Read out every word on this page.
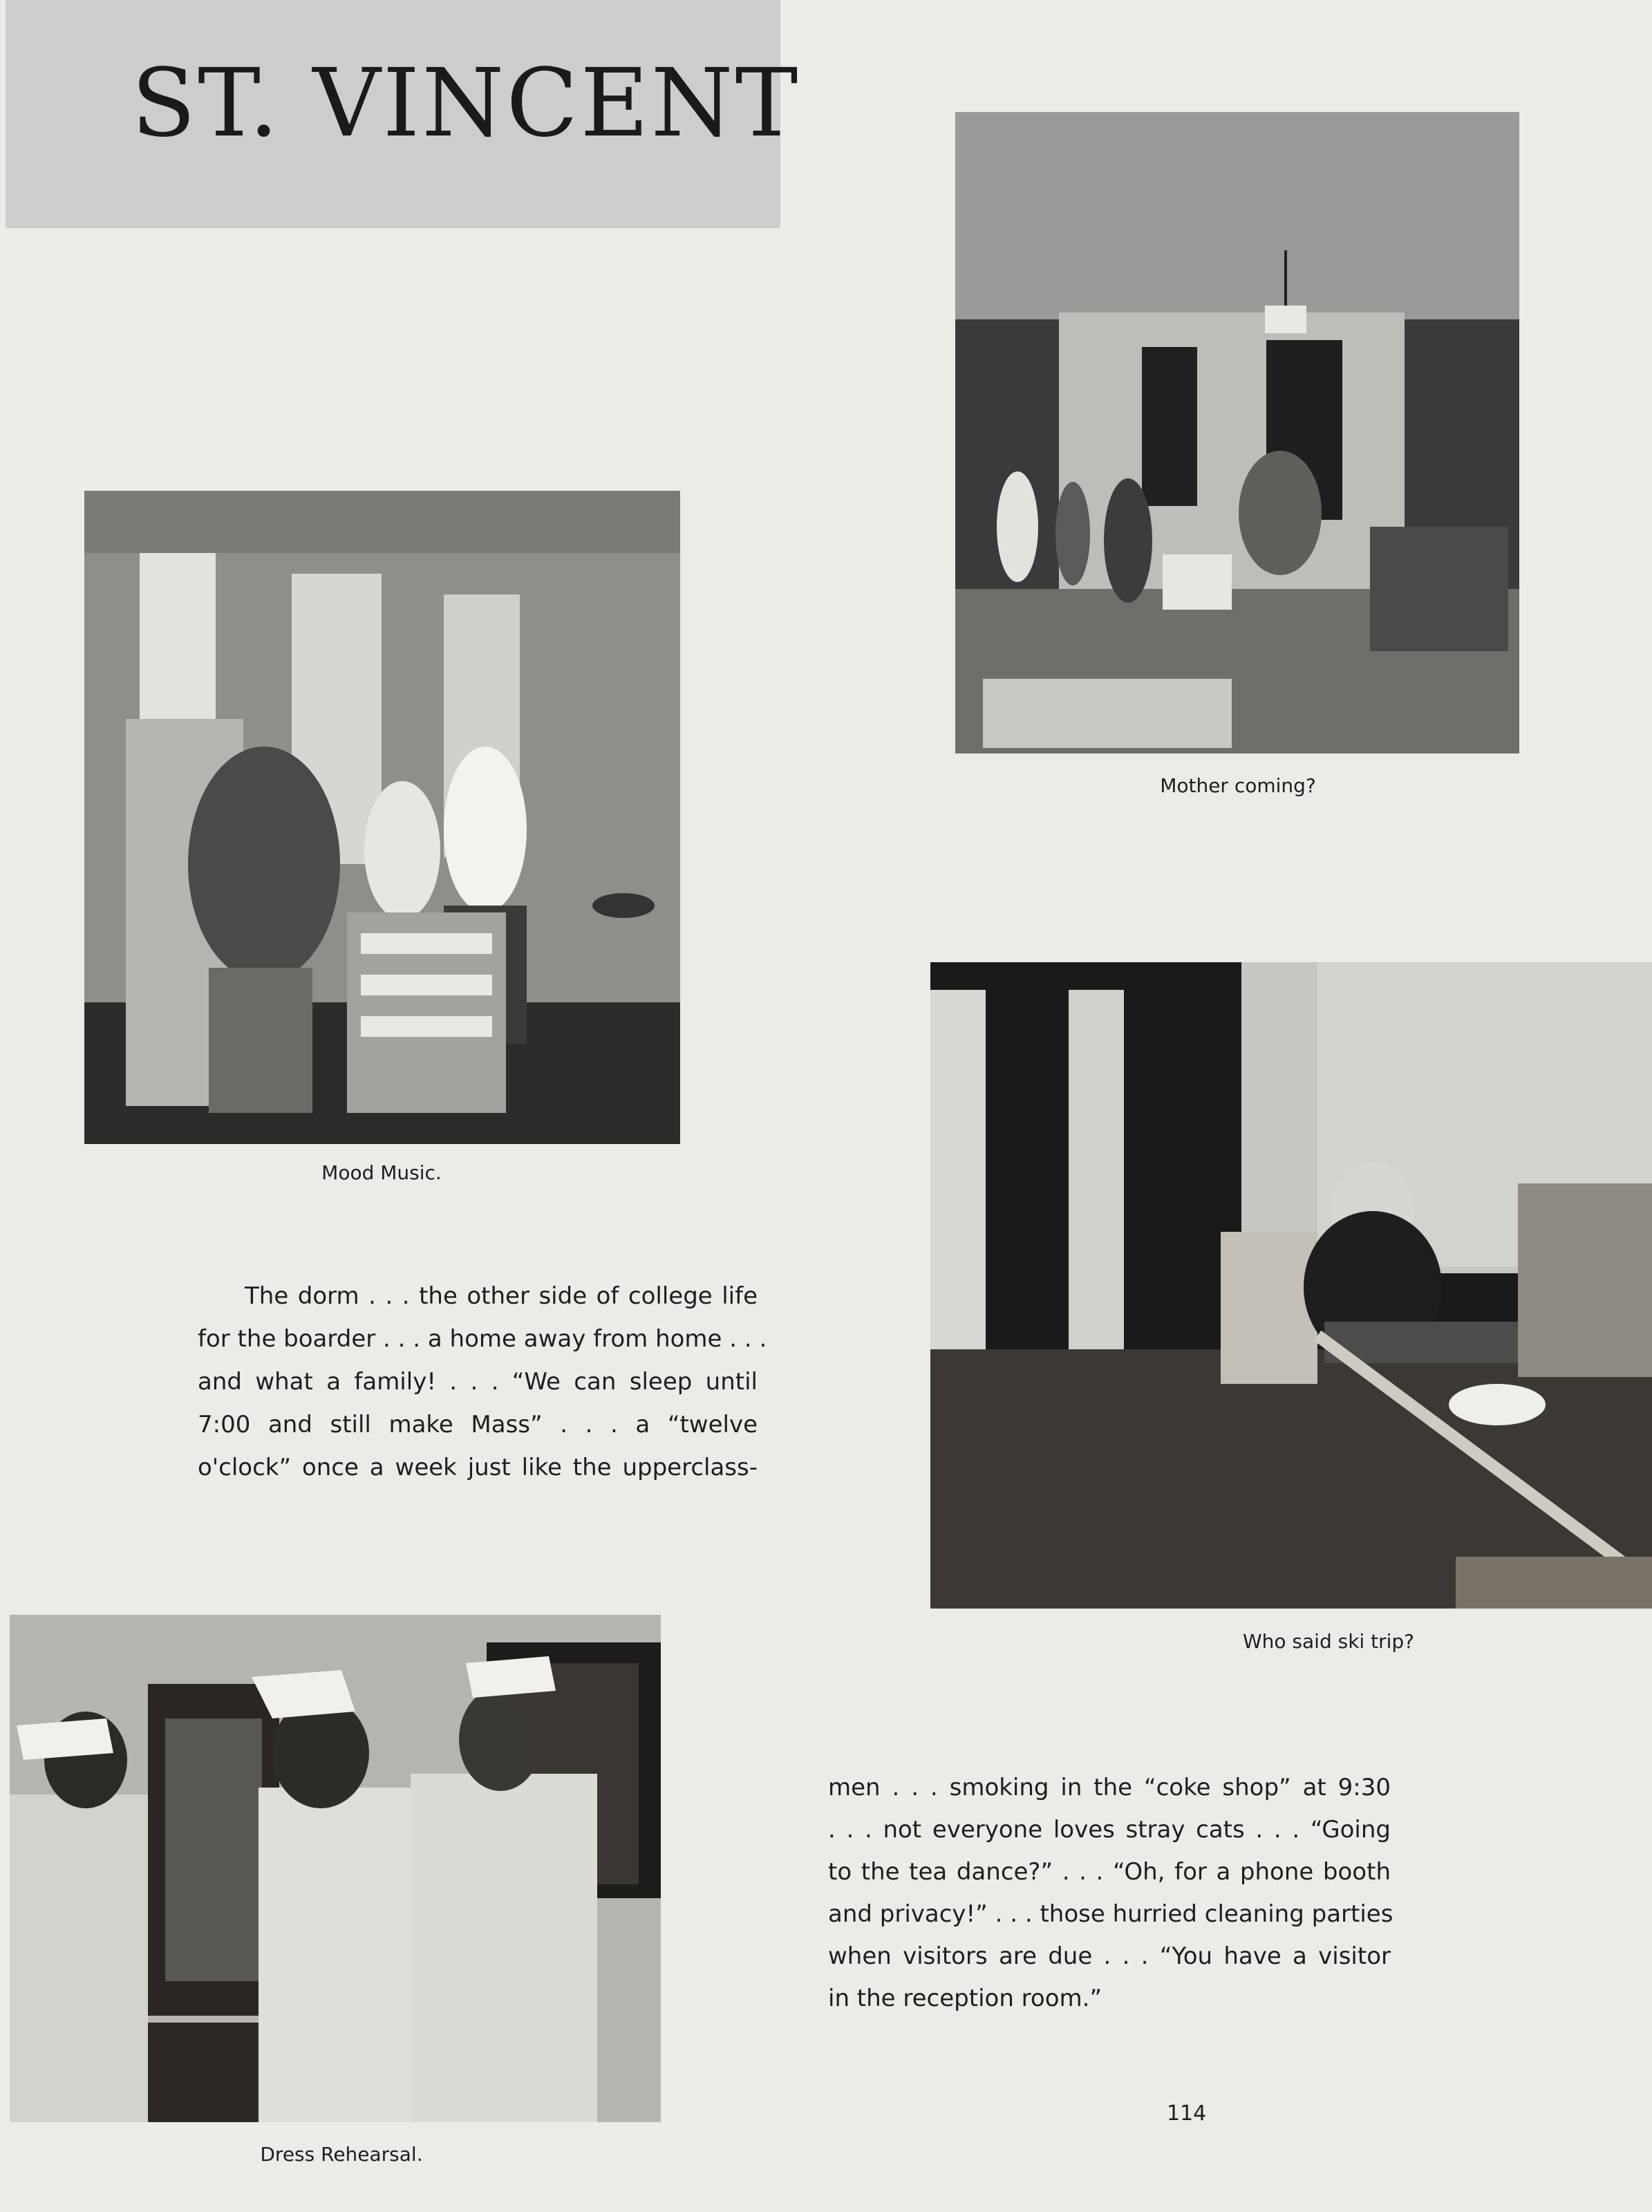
ST. VINCENT
Mother coming?
Mood Music.
The dorm . . . the other side of college life
for the boarder . . . a home away from home . . .
and what a family! . . . “We can sleep until
7:00 and still make Mass” . . . a “twelve
o'clock” once a week just like the upperclass-
Who said ski trip?
Dress Rehearsal.
men . . . smoking in the “coke shop” at 9:30
. . . not everyone loves stray cats . . . “Going
to the tea dance?” . . . “Oh, for a phone booth
and privacy!” . . . those hurried cleaning parties
when visitors are due . . . “You have a visitor
in the reception room.”
114
